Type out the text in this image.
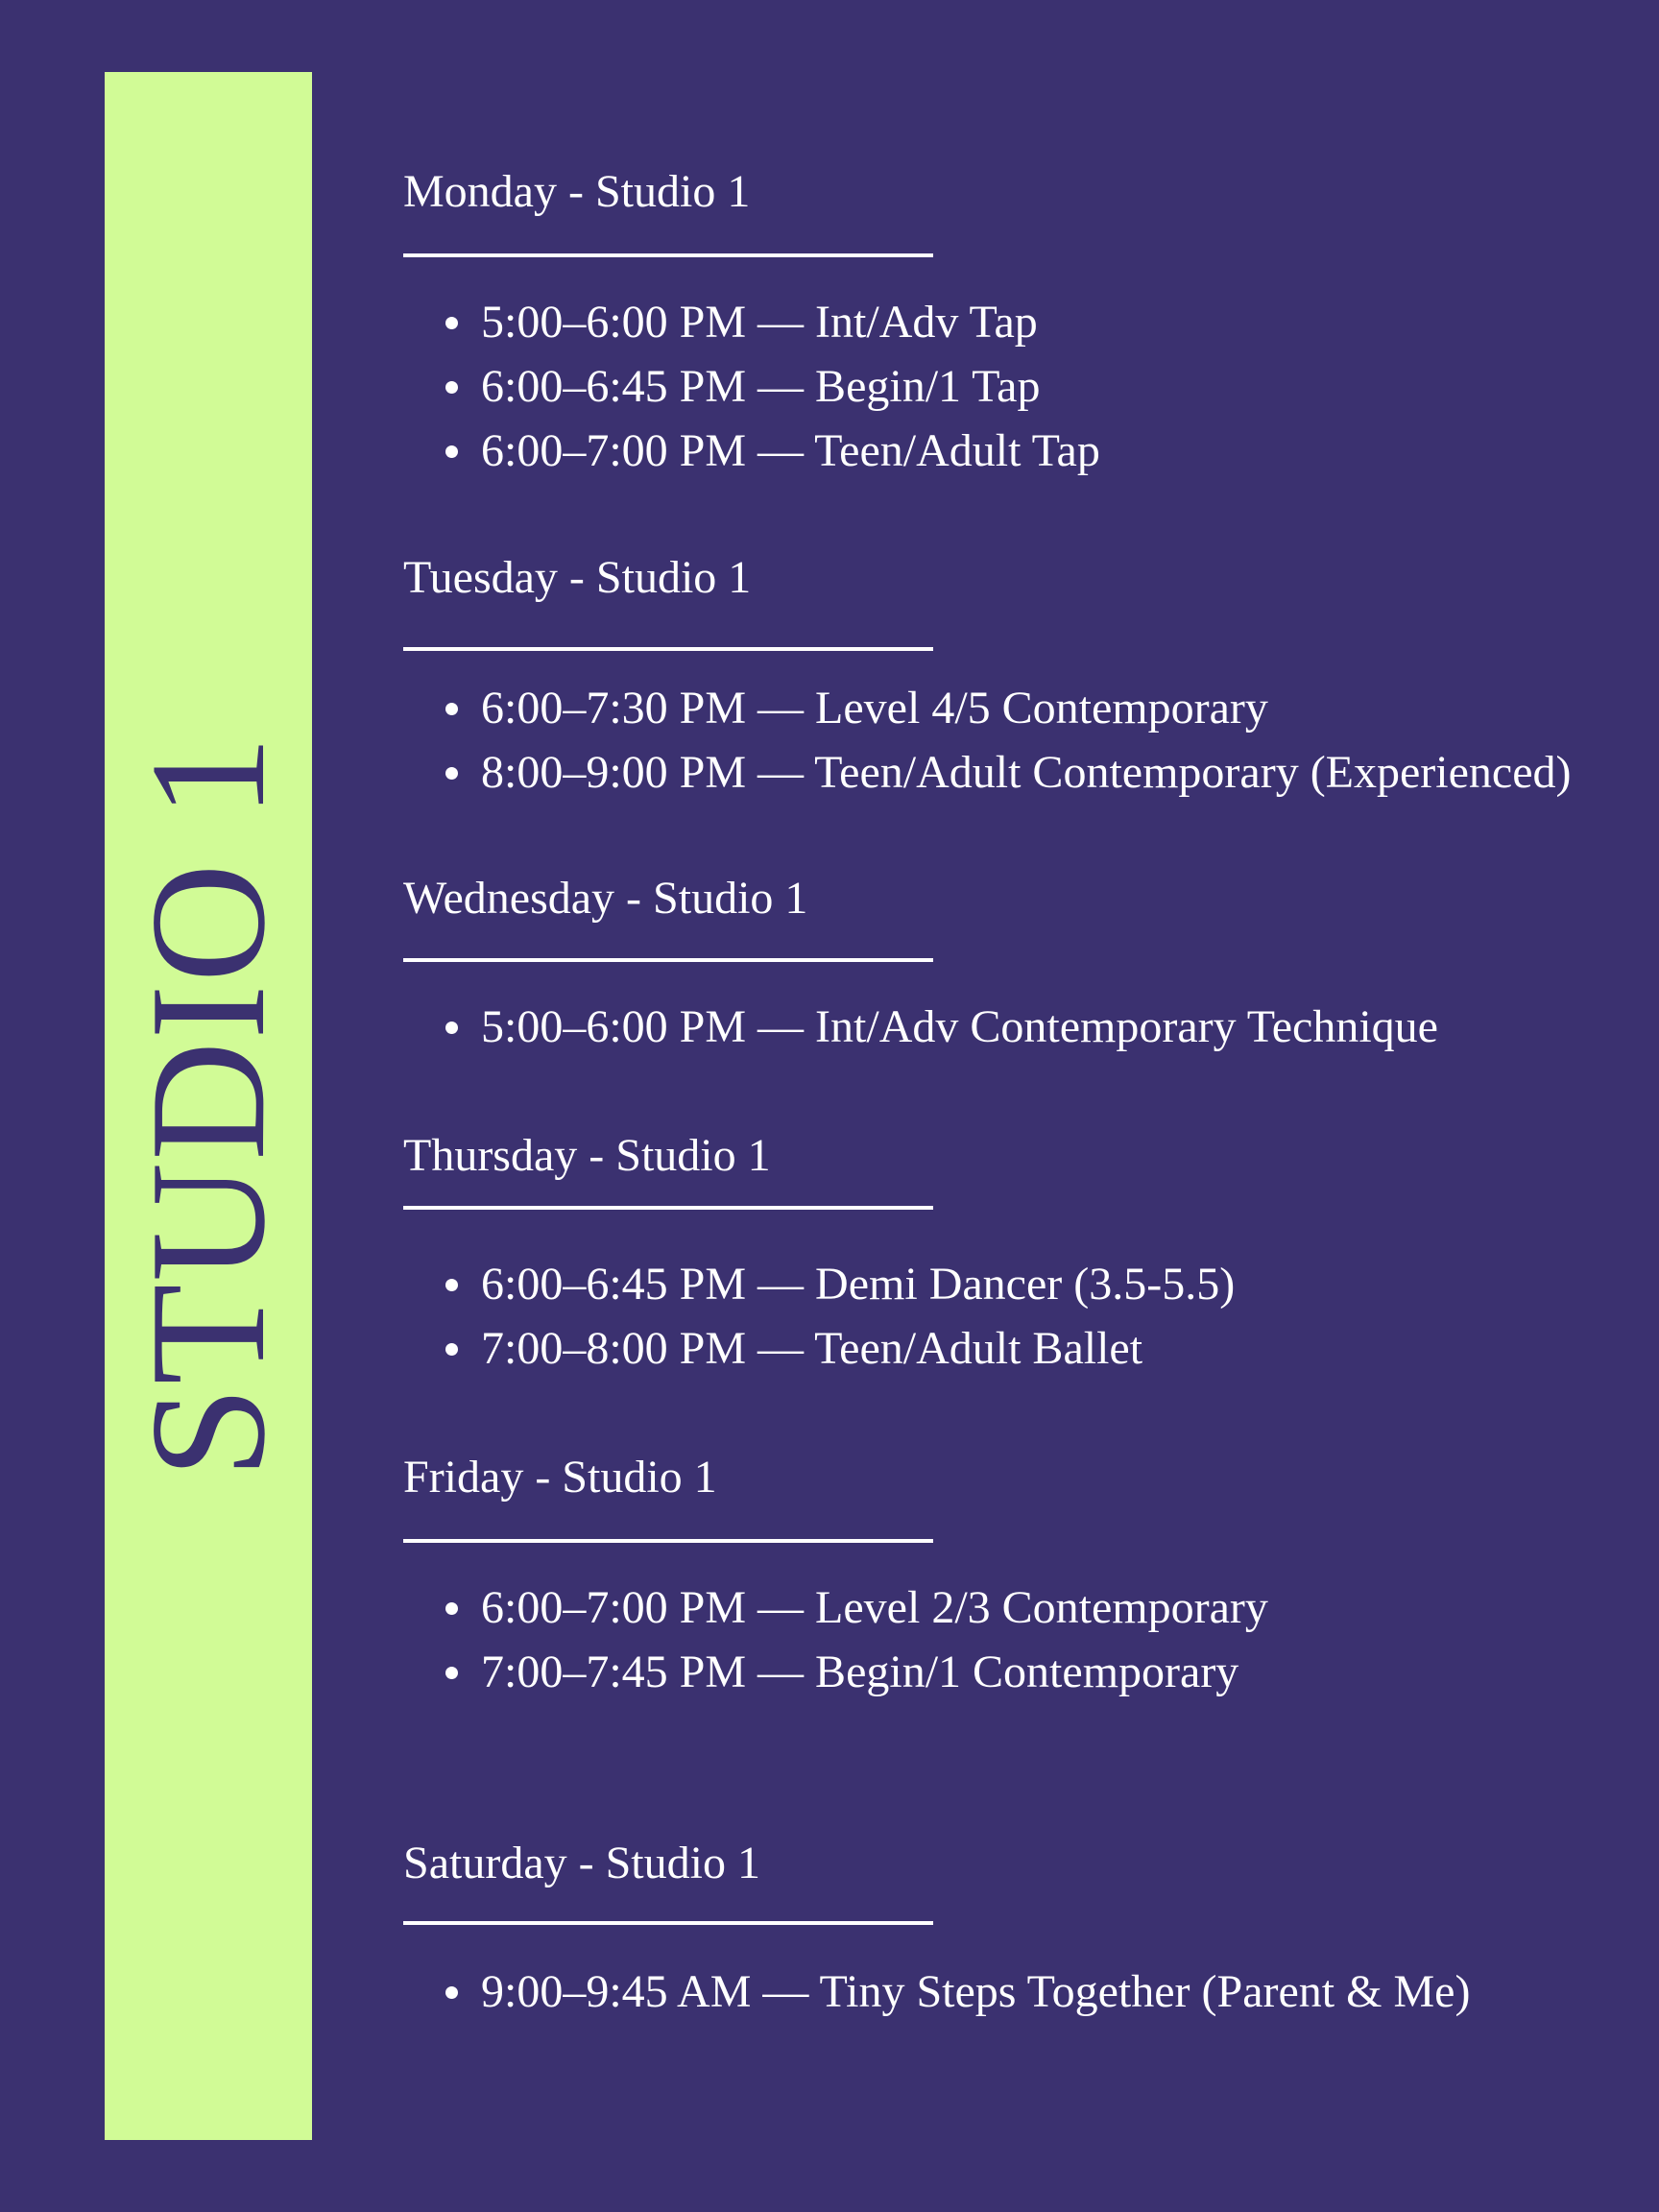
STUDIO 1
Monday - Studio 1
5:00–6:00 PM — Int/Adv Tap
6:00–6:45 PM — Begin/1 Tap
6:00–7:00 PM — Teen/Adult Tap
Tuesday - Studio 1
6:00–7:30 PM — Level 4/5 Contemporary
8:00–9:00 PM — Teen/Adult Contemporary (Experienced)
Wednesday - Studio 1
5:00–6:00 PM — Int/Adv Contemporary Technique
Thursday - Studio 1
6:00–6:45 PM — Demi Dancer (3.5-5.5)
7:00–8:00 PM — Teen/Adult Ballet
Friday - Studio 1
6:00–7:00 PM — Level 2/3 Contemporary
7:00–7:45 PM — Begin/1 Contemporary
Saturday - Studio 1
9:00–9:45 AM — Tiny Steps Together (Parent & Me)
